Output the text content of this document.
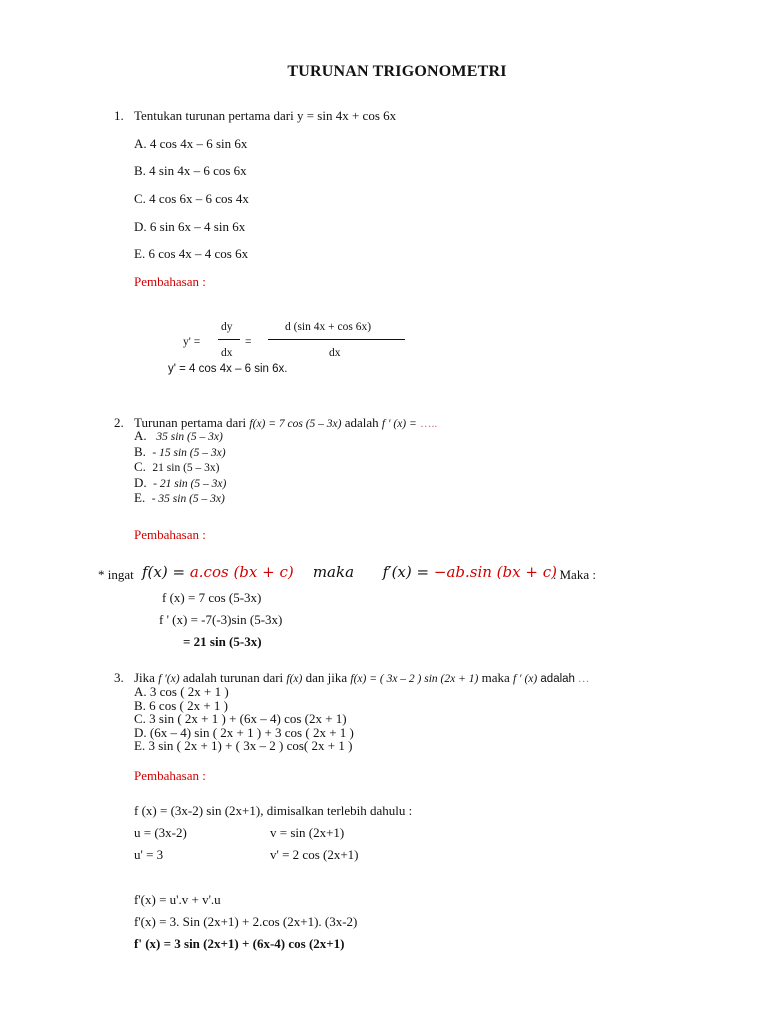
TURUNAN TRIGONOMETRI
1. Tentukan turunan pertama dari y = sin 4x + cos 6x
A. 4 cos 4x – 6 sin 6x
B. 4 sin 4x – 6 cos 6x
C. 4 cos 6x – 6 cos 4x
D. 6 sin 6x – 4 sin 6x
E. 6 cos 4x – 4 cos 6x
Pembahasan :
dy
y' =	=
dx
d (sin 4x + cos 6x)
dx
y' = 4 cos 4x – 6 sin 6x.
2. Turunan pertama dari f(x) = 7 cos (5 – 3x) adalah f ′ (x) = …..
A. 35 sin (5 – 3x)
B. - 15 sin (5 – 3x)
C. 21 sin (5 – 3x)
D. - 21 sin (5 – 3x)
E. - 35 sin (5 – 3x)
Pembahasan :
* ingat f(x) = a.cos (bx + c) maka f′(x) = −ab.sin (bx + c)
. Maka :
f (x) = 7 cos (5-3x)
f ' (x) = -7(-3)sin (5-3x)
= 21 sin (5-3x)
3. Jika f ′(x) adalah turunan dari f(x) dan jika f(x) = ( 3x – 2 ) sin (2x + 1) maka f ′ (x) adalah …
A. 3 cos ( 2x + 1 )
B. 6 cos ( 2x + 1 )
C. 3 sin ( 2x + 1 ) + (6x – 4) cos (2x + 1)
D. (6x – 4) sin ( 2x + 1 ) + 3 cos ( 2x + 1 )
E. 3 sin ( 2x + 1) + ( 3x – 2 ) cos( 2x + 1 )
Pembahasan :
f (x) = (3x-2) sin (2x+1), dimisalkan terlebih dahulu :
u = (3x-2)	v = sin (2x+1)
u' = 3	v' = 2 cos (2x+1)
f'(x) = u'.v + v'.u
f'(x) = 3. Sin (2x+1) + 2.cos (2x+1). (3x-2)
f' (x) = 3 sin (2x+1) + (6x-4) cos (2x+1)
